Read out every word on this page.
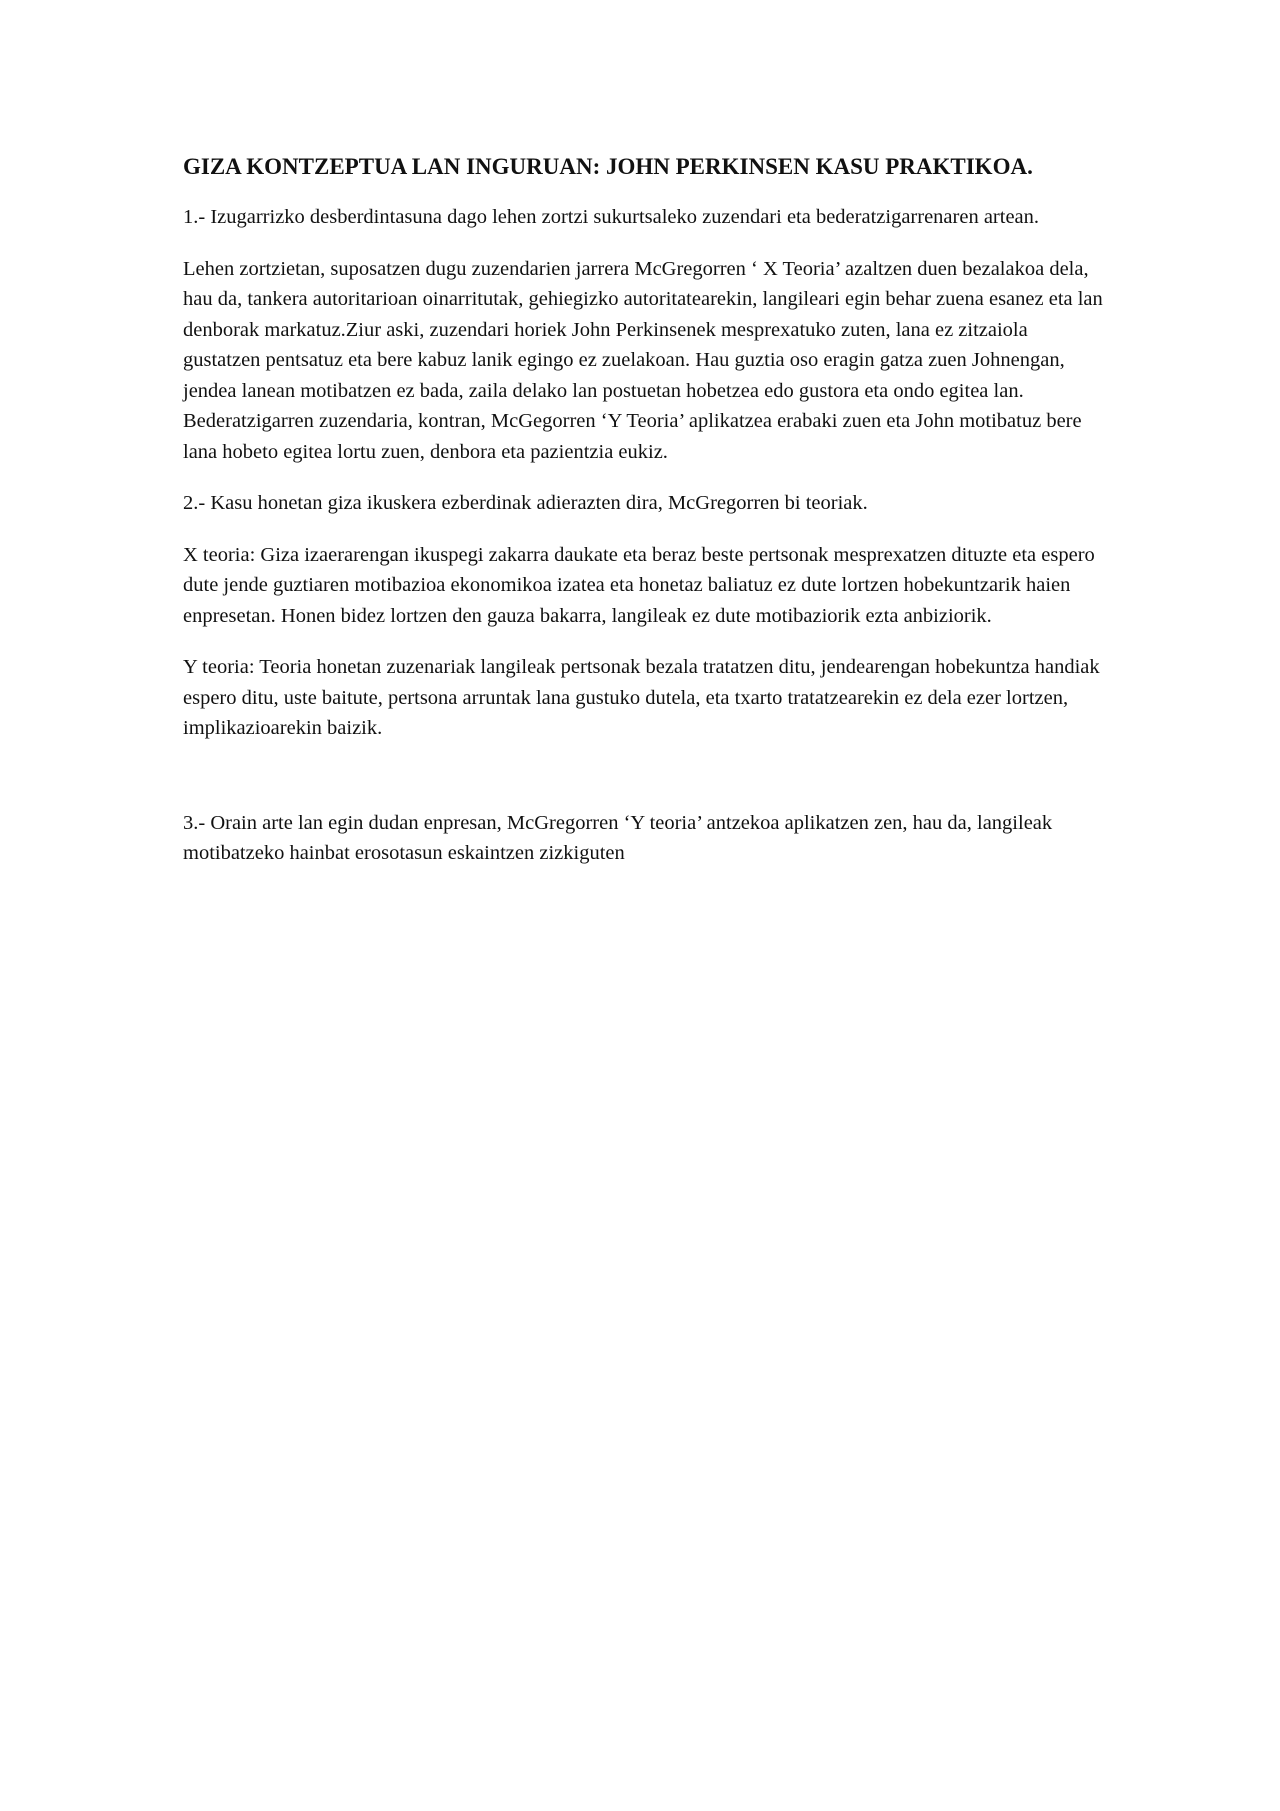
GIZA KONTZEPTUA LAN INGURUAN: JOHN PERKINSEN KASU PRAKTIKOA.

1.- Izugarrizko desberdintasuna dago lehen zortzi sukurtsaleko zuzendari eta bederatzigarrenaren artean.

Lehen zortzietan, suposatzen dugu zuzendarien jarrera McGregorren ‘ X Teoria’ azaltzen duen bezalakoa dela, hau da, tankera autoritarioan oinarritutak, gehiegizko autoritatearekin, langileari egin behar zuena esanez eta lan denborak markatuz.Ziur aski, zuzendari horiek John Perkinsenek mesprexatuko zuten, lana ez zitzaiola gustatzen pentsatuz eta bere kabuz lanik egingo ez zuelakoan. Hau guztia oso eragin gatza zuen Johnengan, jendea lanean motibatzen ez bada, zaila delako lan postuetan hobetzea edo gustora eta ondo egitea lan. Bederatzigarren zuzendaria, kontran, McGegorren ‘Y Teoria’ aplikatzea erabaki zuen eta John motibatuz bere lana hobeto egitea lortu zuen, denbora eta pazientzia eukiz.

2.- Kasu honetan giza ikuskera ezberdinak adierazten dira, McGregorren bi teoriak.

X teoria: Giza izaerarengan ikuspegi zakarra daukate eta beraz beste pertsonak mesprexatzen dituzte eta espero dute jende guztiaren motibazioa ekonomikoa izatea eta honetaz baliatuz ez dute lortzen hobekuntzarik haien enpresetan. Honen bidez lortzen den gauza bakarra, langileak ez dute motibaziorik ezta anbiziorik.

Y teoria: Teoria honetan zuzenariak langileak pertsonak bezala tratatzen ditu, jendearengan hobekuntza handiak espero ditu, uste baitute, pertsona arruntak lana gustuko dutela, eta txarto tratatzearekin ez dela ezer lortzen, implikazioarekin baizik.

3.- Orain arte lan egin dudan enpresan, McGregorren ‘Y teoria’ antzekoa aplikatzen zen, hau da, langileak motibatzeko hainbat erosotasun eskaintzen zizkiguten
